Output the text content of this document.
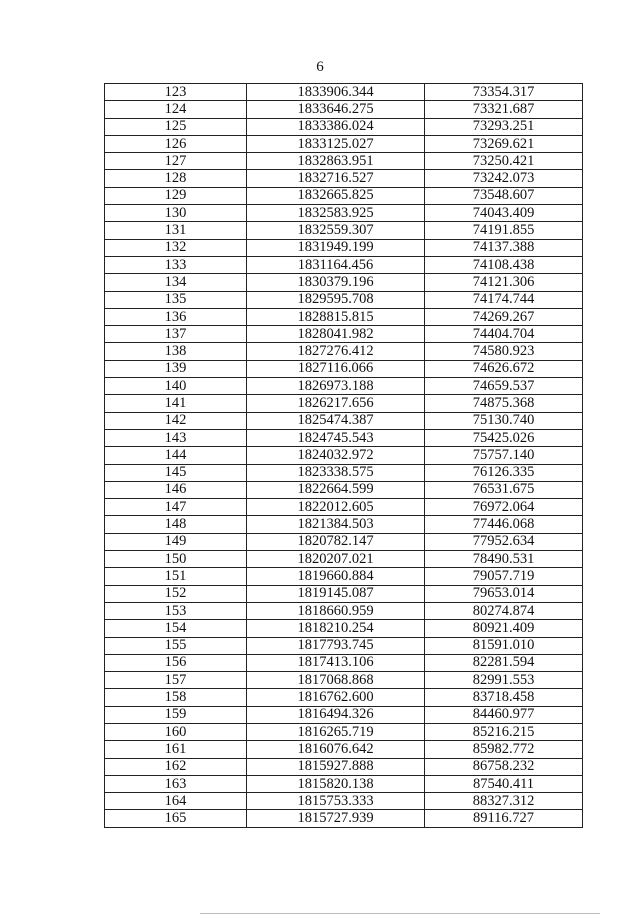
6
123	1833906.344	73354.317
124	1833646.275	73321.687
125	1833386.024	73293.251
126	1833125.027	73269.621
127	1832863.951	73250.421
128	1832716.527	73242.073
129	1832665.825	73548.607
130	1832583.925	74043.409
131	1832559.307	74191.855
132	1831949.199	74137.388
133	1831164.456	74108.438
134	1830379.196	74121.306
135	1829595.708	74174.744
136	1828815.815	74269.267
137	1828041.982	74404.704
138	1827276.412	74580.923
139	1827116.066	74626.672
140	1826973.188	74659.537
141	1826217.656	74875.368
142	1825474.387	75130.740
143	1824745.543	75425.026
144	1824032.972	75757.140
145	1823338.575	76126.335
146	1822664.599	76531.675
147	1822012.605	76972.064
148	1821384.503	77446.068
149	1820782.147	77952.634
150	1820207.021	78490.531
151	1819660.884	79057.719
152	1819145.087	79653.014
153	1818660.959	80274.874
154	1818210.254	80921.409
155	1817793.745	81591.010
156	1817413.106	82281.594
157	1817068.868	82991.553
158	1816762.600	83718.458
159	1816494.326	84460.977
160	1816265.719	85216.215
161	1816076.642	85982.772
162	1815927.888	86758.232
163	1815820.138	87540.411
164	1815753.333	88327.312
165	1815727.939	89116.727
